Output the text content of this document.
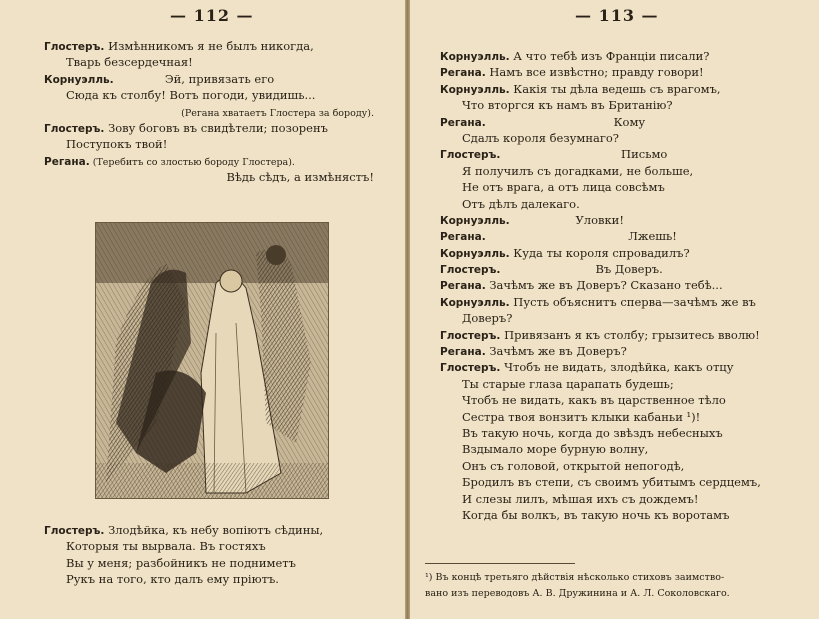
— 112 —
Глостеръ. Измѣнникомъ я не былъ никогда,
Тварь безсердечная!
Корнуэлль.              Эй, привязать его
Сюда къ столбу! Вотъ погоди, увидишь...
(Регана хватаетъ Глостера за бороду).
Глостеръ. Зову боговъ въ свидѣтели; позоренъ
Поступокъ твой!
Регана. (Теребитъ со злостью бороду Глостера).
Вѣдь сѣдъ, а измѣнястъ!
Глостеръ. Злодѣйка, къ небу вопіютъ сѣдины,
Которыя ты вырвала. Въ гостяхъ
Вы у меня; разбойникъ не подниметъ
Рукъ на того, кто далъ ему пріютъ.
— 113 —
Корнуэлль. А что тебѣ изъ Франціи писали?
Регана. Намъ все извѣстно; правду говори!
Корнуэлль. Какія ты дѣла ведешь съ врагомъ,
Что вторгся къ намъ въ Британію?
Регана.                                   Кому
Сдалъ короля безумнаго?
Глостеръ.                                 Письмо
Я получилъ съ догадками, не больше,
Не отъ врага, а отъ лица совсѣмъ
Отъ дѣлъ далекаго.
Корнуэлль.                  Уловки!
Регана.                                       Лжешь!
Корнуэлль. Куда ты короля спровадилъ?
Глостеръ.                          Въ Доверъ.
Регана. Зачѣмъ же въ Доверъ? Сказано тебѣ...
Корнуэлль. Пусть объяснитъ сперва—зачѣмъ же въ
Доверъ?
Глостеръ. Привязанъ я къ столбу; грызитесь вволю!
Регана. Зачѣмъ же въ Доверъ?
Глостеръ. Чтобъ не видать, злодѣйка, какъ отцу
Ты старые глаза царапать будешь;
Чтобъ не видать, какъ въ царственное тѣло
Сестра твоя вонзитъ клыки кабаньи ¹)!
Въ такую ночь, когда до звѣздъ небесныхъ
Вздымало море бурную волну,
Онъ съ головой, открытой непогодѣ,
Бродилъ въ степи, съ своимъ убитымъ сердцемъ,
И слезы лилъ, мѣшая ихъ съ дождемъ!
Когда бы волкъ, въ такую ночь къ воротамъ
¹) Въ концѣ третьяго дѣйствія нѣсколько стиховъ заимство-
вано изъ переводовъ А. В. Дружинина и А. Л. Соколовскаго.
